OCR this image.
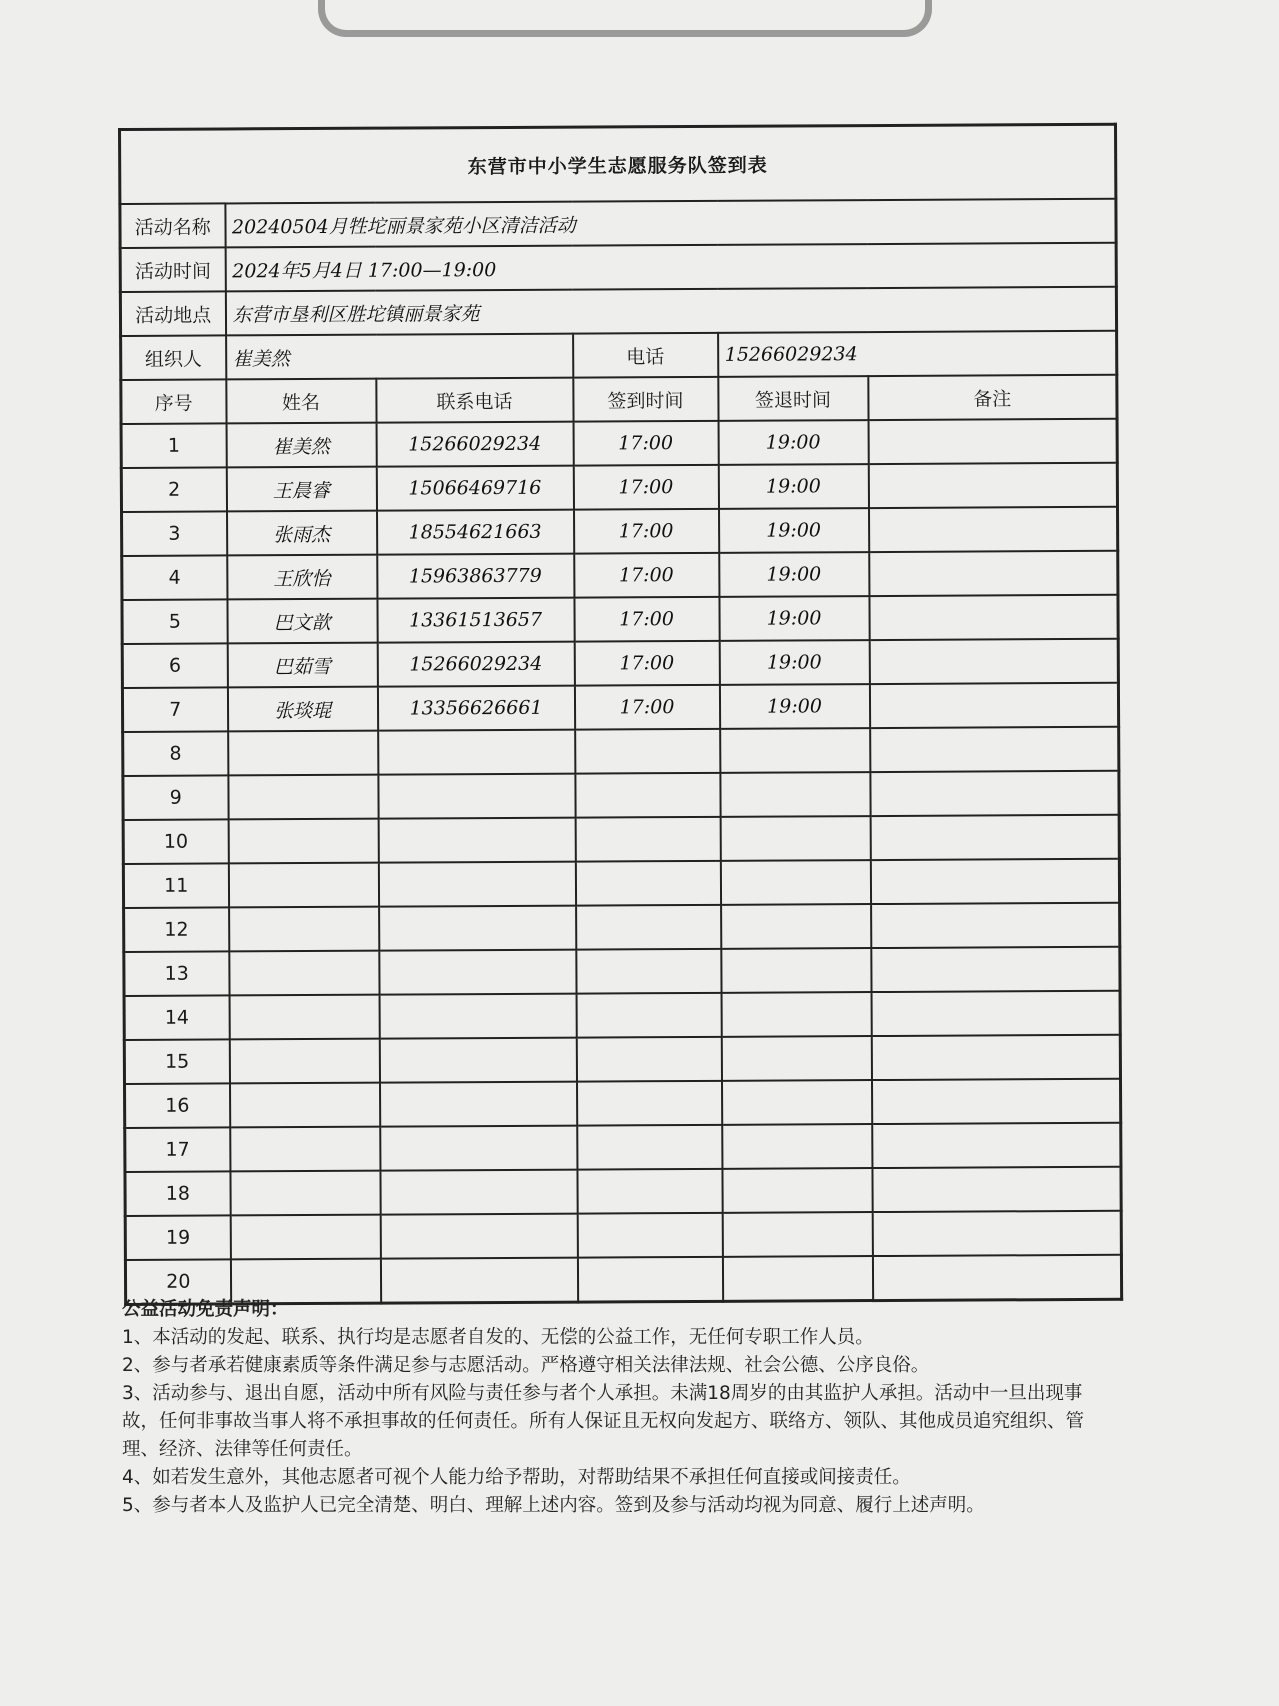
东营市中小学生志愿服务队签到表					
活动名称	20240504月牲坨丽景家苑小区清洁活动				
活动时间	2024年5月4日 17:00—19:00				
活动地点	东营市垦利区胜坨镇丽景家苑				
组织人	崔美然		电话	15266029234	
序号	姓名	联系电话	签到时间	签退时间	备注
1	崔美然	15266029234	17:00	19:00	
2	王晨睿	15066469716	17:00	19:00	
3	张雨杰	18554621663	17:00	19:00	
4	王欣怡	15963863779	17:00	19:00	
5	巴文歆	13361513657	17:00	19:00	
6	巴茹雪	15266029234	17:00	19:00	
7	张琰琨	13356626661	17:00	19:00	
8					
9					
10					
11					
12					
13					
14					
15					
16					
17					
18					
19					
20					

公益活动免责声明：

1、本活动的发起、联系、执行均是志愿者自发的、无偿的公益工作，无任何专职工作人员。

2、参与者承若健康素质等条件满足参与志愿活动。严格遵守相关法律法规、社会公德、公序良俗。

3、活动参与、退出自愿，活动中所有风险与责任参与者个人承担。未满18周岁的由其监护人承担。活动中一旦出现事故，任何非事故当事人将不承担事故的任何责任。所有人保证且无权向发起方、联络方、领队、其他成员追究组织、管理、经济、法律等任何责任。

4、如若发生意外，其他志愿者可视个人能力给予帮助，对帮助结果不承担任何直接或间接责任。

5、参与者本人及监护人已完全清楚、明白、理解上述内容。签到及参与活动均视为同意、履行上述声明。
